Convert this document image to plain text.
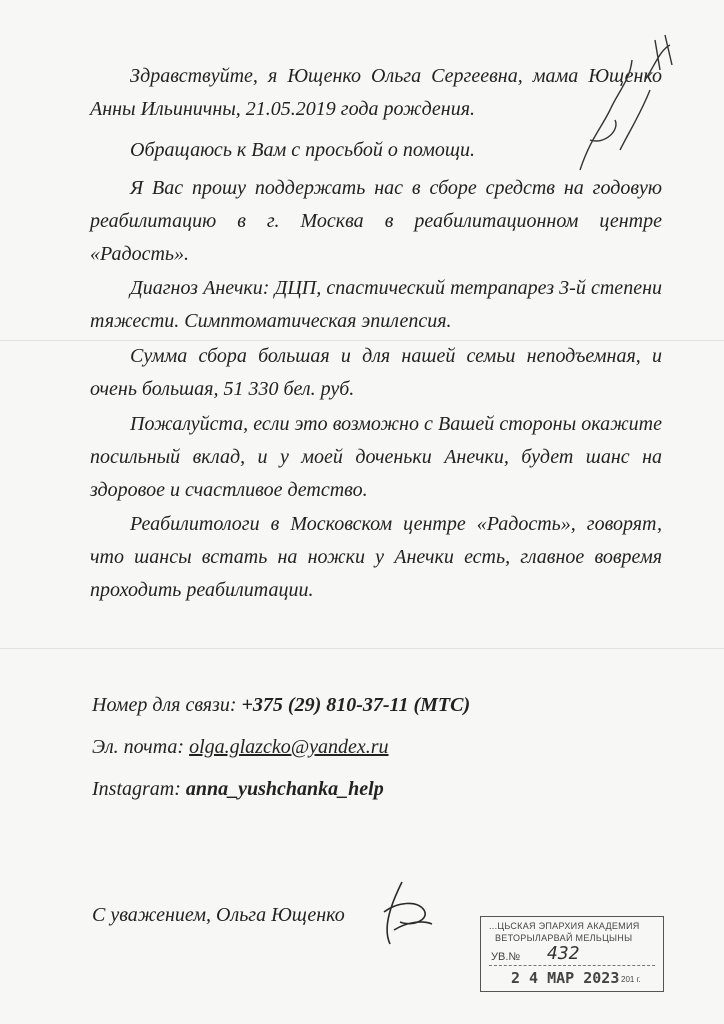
Здравствуйте, я Ющенко Ольга Сергеевна, мама Ющенко Анны Ильиничны, 21.05.2019 года рождения.

Обращаюсь к Вам с просьбой о помощи.

Я Вас прошу поддержать нас в сборе средств на годовую реабилитацию в г. Москва в реабилитационном центре «Радость».

Диагноз Анечки: ДЦП, спастический тетрапарез 3-й степени тяжести. Симптоматическая эпилепсия.

Сумма сбора большая и для нашей семьи неподъемная, и очень большая, 51 330 бел. руб.

Пожалуйста, если это возможно с Вашей стороны окажите посильный вклад, и у моей доченьки Анечки, будет шанс на здоровое и счастливое детство.

Реабилитологи в Московском центре «Радость», говорят, что шансы встать на ножки у Анечки есть, главное вовремя проходить реабилитации.

Номер для связи: +375 (29) 810-37-11 (МТС)

Эл. почта: olga.glazcko@yandex.ru

Instagram: anna_yushchanka_help

С уважением, Ольга Ющенко	...ЦЬСКАЯ ЭПАРХИЯ АКАДЕМИЯ
ВЕТОРЫЛАРВАЙ МЕЛЬЦЫНЫ
УВ.№ 432
2 4 МАР 2023 201 г.
